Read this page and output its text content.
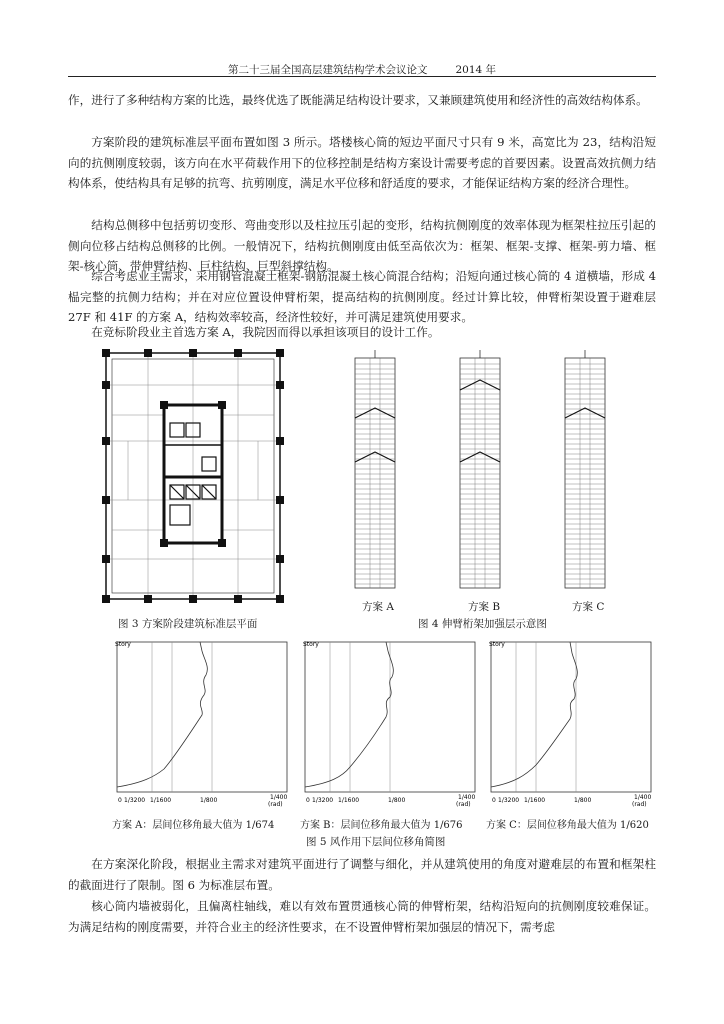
第二十三届全国高层建筑结构学术会议论文	2014 年

作，进行了多种结构方案的比选，最终优选了既能满足结构设计要求，又兼顾建筑使用和经济性的高效结构体系。

方案阶段的建筑标准层平面布置如图 3 所示。塔楼核心筒的短边平面尺寸只有 9 米，高宽比为 23，结构沿短向的抗侧刚度较弱，该方向在水平荷载作用下的位移控制是结构方案设计需要考虑的首要因素。设置高效抗侧力结构体系，使结构具有足够的抗弯、抗剪刚度，满足水平位移和舒适度的要求，才能保证结构方案的经济合理性。

结构总侧移中包括剪切变形、弯曲变形以及柱拉压引起的变形，结构抗侧刚度的效率体现为框架柱拉压引起的侧向位移占结构总侧移的比例。一般情况下，结构抗侧刚度由低至高依次为：框架、框架-支撑、框架-剪力墙、框架-核心筒、带伸臂结构、巨柱结构、巨型斜撑结构。

综合考虑业主需求，采用钢管混凝土框架-钢筋混凝土核心筒混合结构；沿短向通过核心筒的 4 道横墙，形成 4 榀完整的抗侧力结构；并在对应位置设伸臂桁架，提高结构的抗侧刚度。经过计算比较，伸臂桁架设置于避难层 27F 和 41F 的方案 A，结构效率较高，经济性较好，并可满足建筑使用要求。

在竞标阶段业主首选方案 A，我院因而得以承担该项目的设计工作。

图 3 方案阶段建筑标准层平面
方案 A	方案 B	方案 C
图 4 伸臂桁架加强层示意图
Story
0 1/3200 1/1600	1/800	1/400
(rad)
Story
0 1/3200 1/1600	1/800	1/400
(rad)
Story
0 1/3200 1/1600	1/800	1/400
(rad)
方案 A：层间位移角最大值为 1/674	方案 B：层间位移角最大值为 1/676 方案 C：层间位移角最大值为 1/620
图 5 风作用下层间位移角简图

在方案深化阶段，根据业主需求对建筑平面进行了调整与细化，并从建筑使用的角度对避难层的布置和框架柱的截面进行了限制。图 6 为标准层布置。

核心筒内墙被弱化，且偏离柱轴线，难以有效布置贯通核心筒的伸臂桁架，结构沿短向的抗侧刚度较难保证。为满足结构的刚度需要，并符合业主的经济性要求，在不设置伸臂桁架加强层的情况下，需考虑
